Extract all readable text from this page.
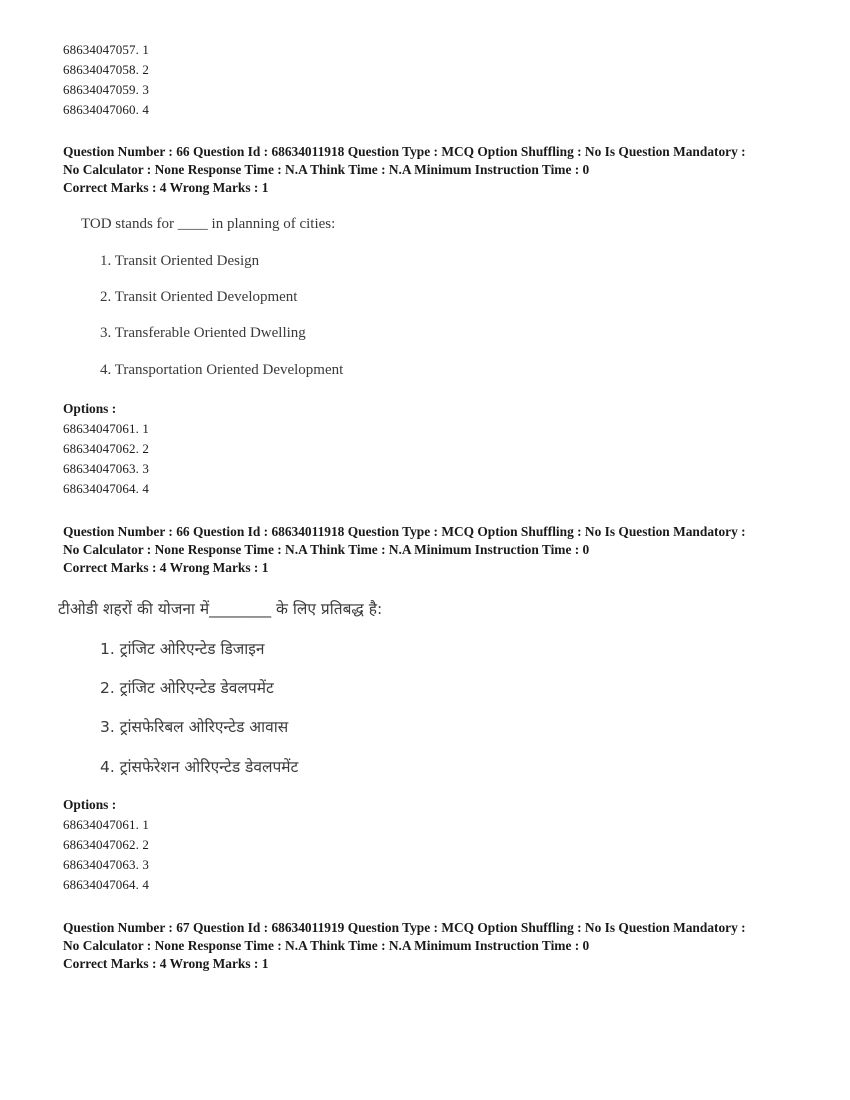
68634047057. 1
68634047058. 2
68634047059. 3
68634047060. 4
Question Number : 66 Question Id : 68634011918 Question Type : MCQ Option Shuffling : No Is Question Mandatory :
No Calculator : None Response Time : N.A Think Time : N.A Minimum Instruction Time : 0
Correct Marks : 4 Wrong Marks : 1
TOD stands for ____ in planning of cities:
1. Transit Oriented Design
2. Transit Oriented Development
3. Transferable Oriented Dwelling
4. Transportation Oriented Development
Options :
68634047061. 1
68634047062. 2
68634047063. 3
68634047064. 4
Question Number : 66 Question Id : 68634011918 Question Type : MCQ Option Shuffling : No Is Question Mandatory :
No Calculator : None Response Time : N.A Think Time : N.A Minimum Instruction Time : 0
Correct Marks : 4 Wrong Marks : 1
टीओडी शहरों की योजना में________ के लिए प्रतिबद्ध है:
1. ट्रांजिट ओरिएन्टेड डिजाइन
2. ट्रांजिट ओरिएन्टेड डेवलपमेंट
3. ट्रांसफेरिबल ओरिएन्टेड आवास
4. ट्रांसफेरेशन ओरिएन्टेड डेवलपमेंट
Options :
68634047061. 1
68634047062. 2
68634047063. 3
68634047064. 4
Question Number : 67 Question Id : 68634011919 Question Type : MCQ Option Shuffling : No Is Question Mandatory :
No Calculator : None Response Time : N.A Think Time : N.A Minimum Instruction Time : 0
Correct Marks : 4 Wrong Marks : 1
